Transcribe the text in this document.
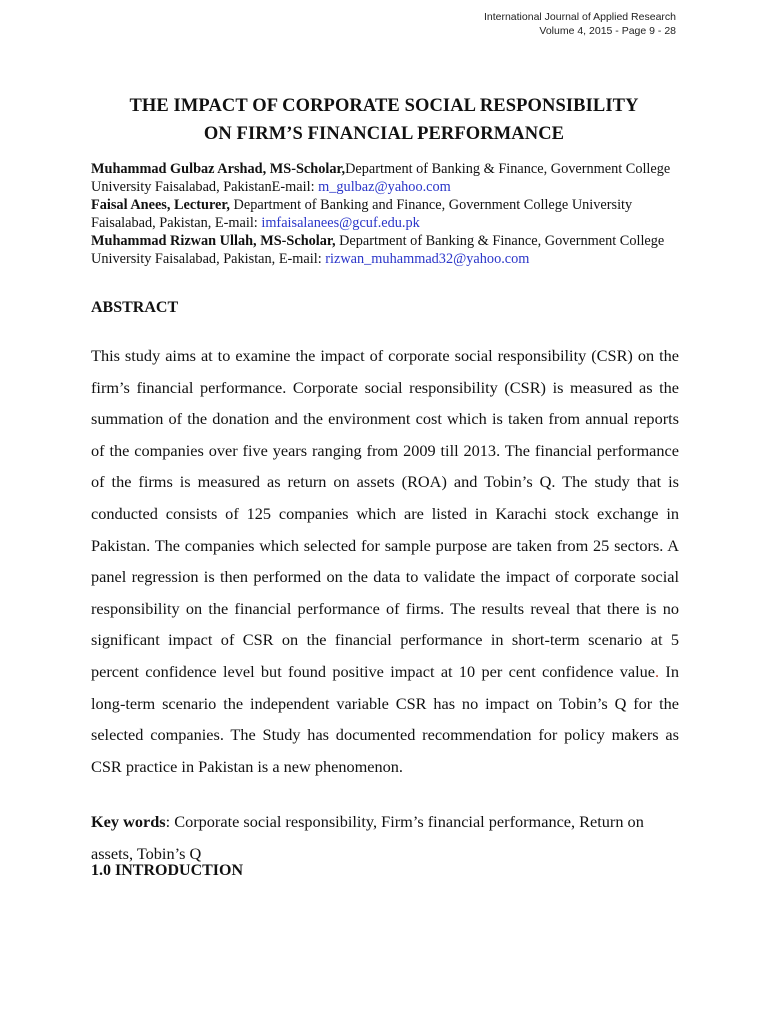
International Journal of Applied Research
Volume 4, 2015 - Page 9 - 28
THE IMPACT OF CORPORATE SOCIAL RESPONSIBILITY
ON FIRM’S FINANCIAL PERFORMANCE
Muhammad Gulbaz Arshad, MS-Scholar,Department of Banking & Finance, Government College University Faisalabad, PakistanE-mail: m_gulbaz@yahoo.com
Faisal Anees, Lecturer, Department of Banking and Finance, Government College University Faisalabad, Pakistan, E-mail: imfaisalanees@gcuf.edu.pk
Muhammad Rizwan Ullah, MS-Scholar, Department of Banking & Finance, Government College University Faisalabad, Pakistan, E-mail: rizwan_muhammad32@yahoo.com
ABSTRACT

This study aims at to examine the impact of corporate social responsibility (CSR) on the firm’s financial performance. Corporate social responsibility (CSR) is measured as the summation of the donation and the environment cost which is taken from annual reports of the companies over five years ranging from 2009 till 2013. The financial performance of the firms is measured as return on assets (ROA) and Tobin’s Q. The study that is conducted consists of 125 companies which are listed in Karachi stock exchange in Pakistan. The companies which selected for sample purpose are taken from 25 sectors. A panel regression is then performed on the data to validate the impact of corporate social responsibility on the financial performance of firms. The results reveal that there is no significant impact of CSR on the financial performance in short-term scenario at 5 percent confidence level but found positive impact at 10 per cent confidence value. In long-term scenario the independent variable CSR has no impact on Tobin’s Q for the selected companies. The Study has documented recommendation for policy makers as CSR practice in Pakistan is a new phenomenon.

Key words: Corporate social responsibility, Firm’s financial performance, Return on assets, Tobin’s Q
1.0 INTRODUCTION
